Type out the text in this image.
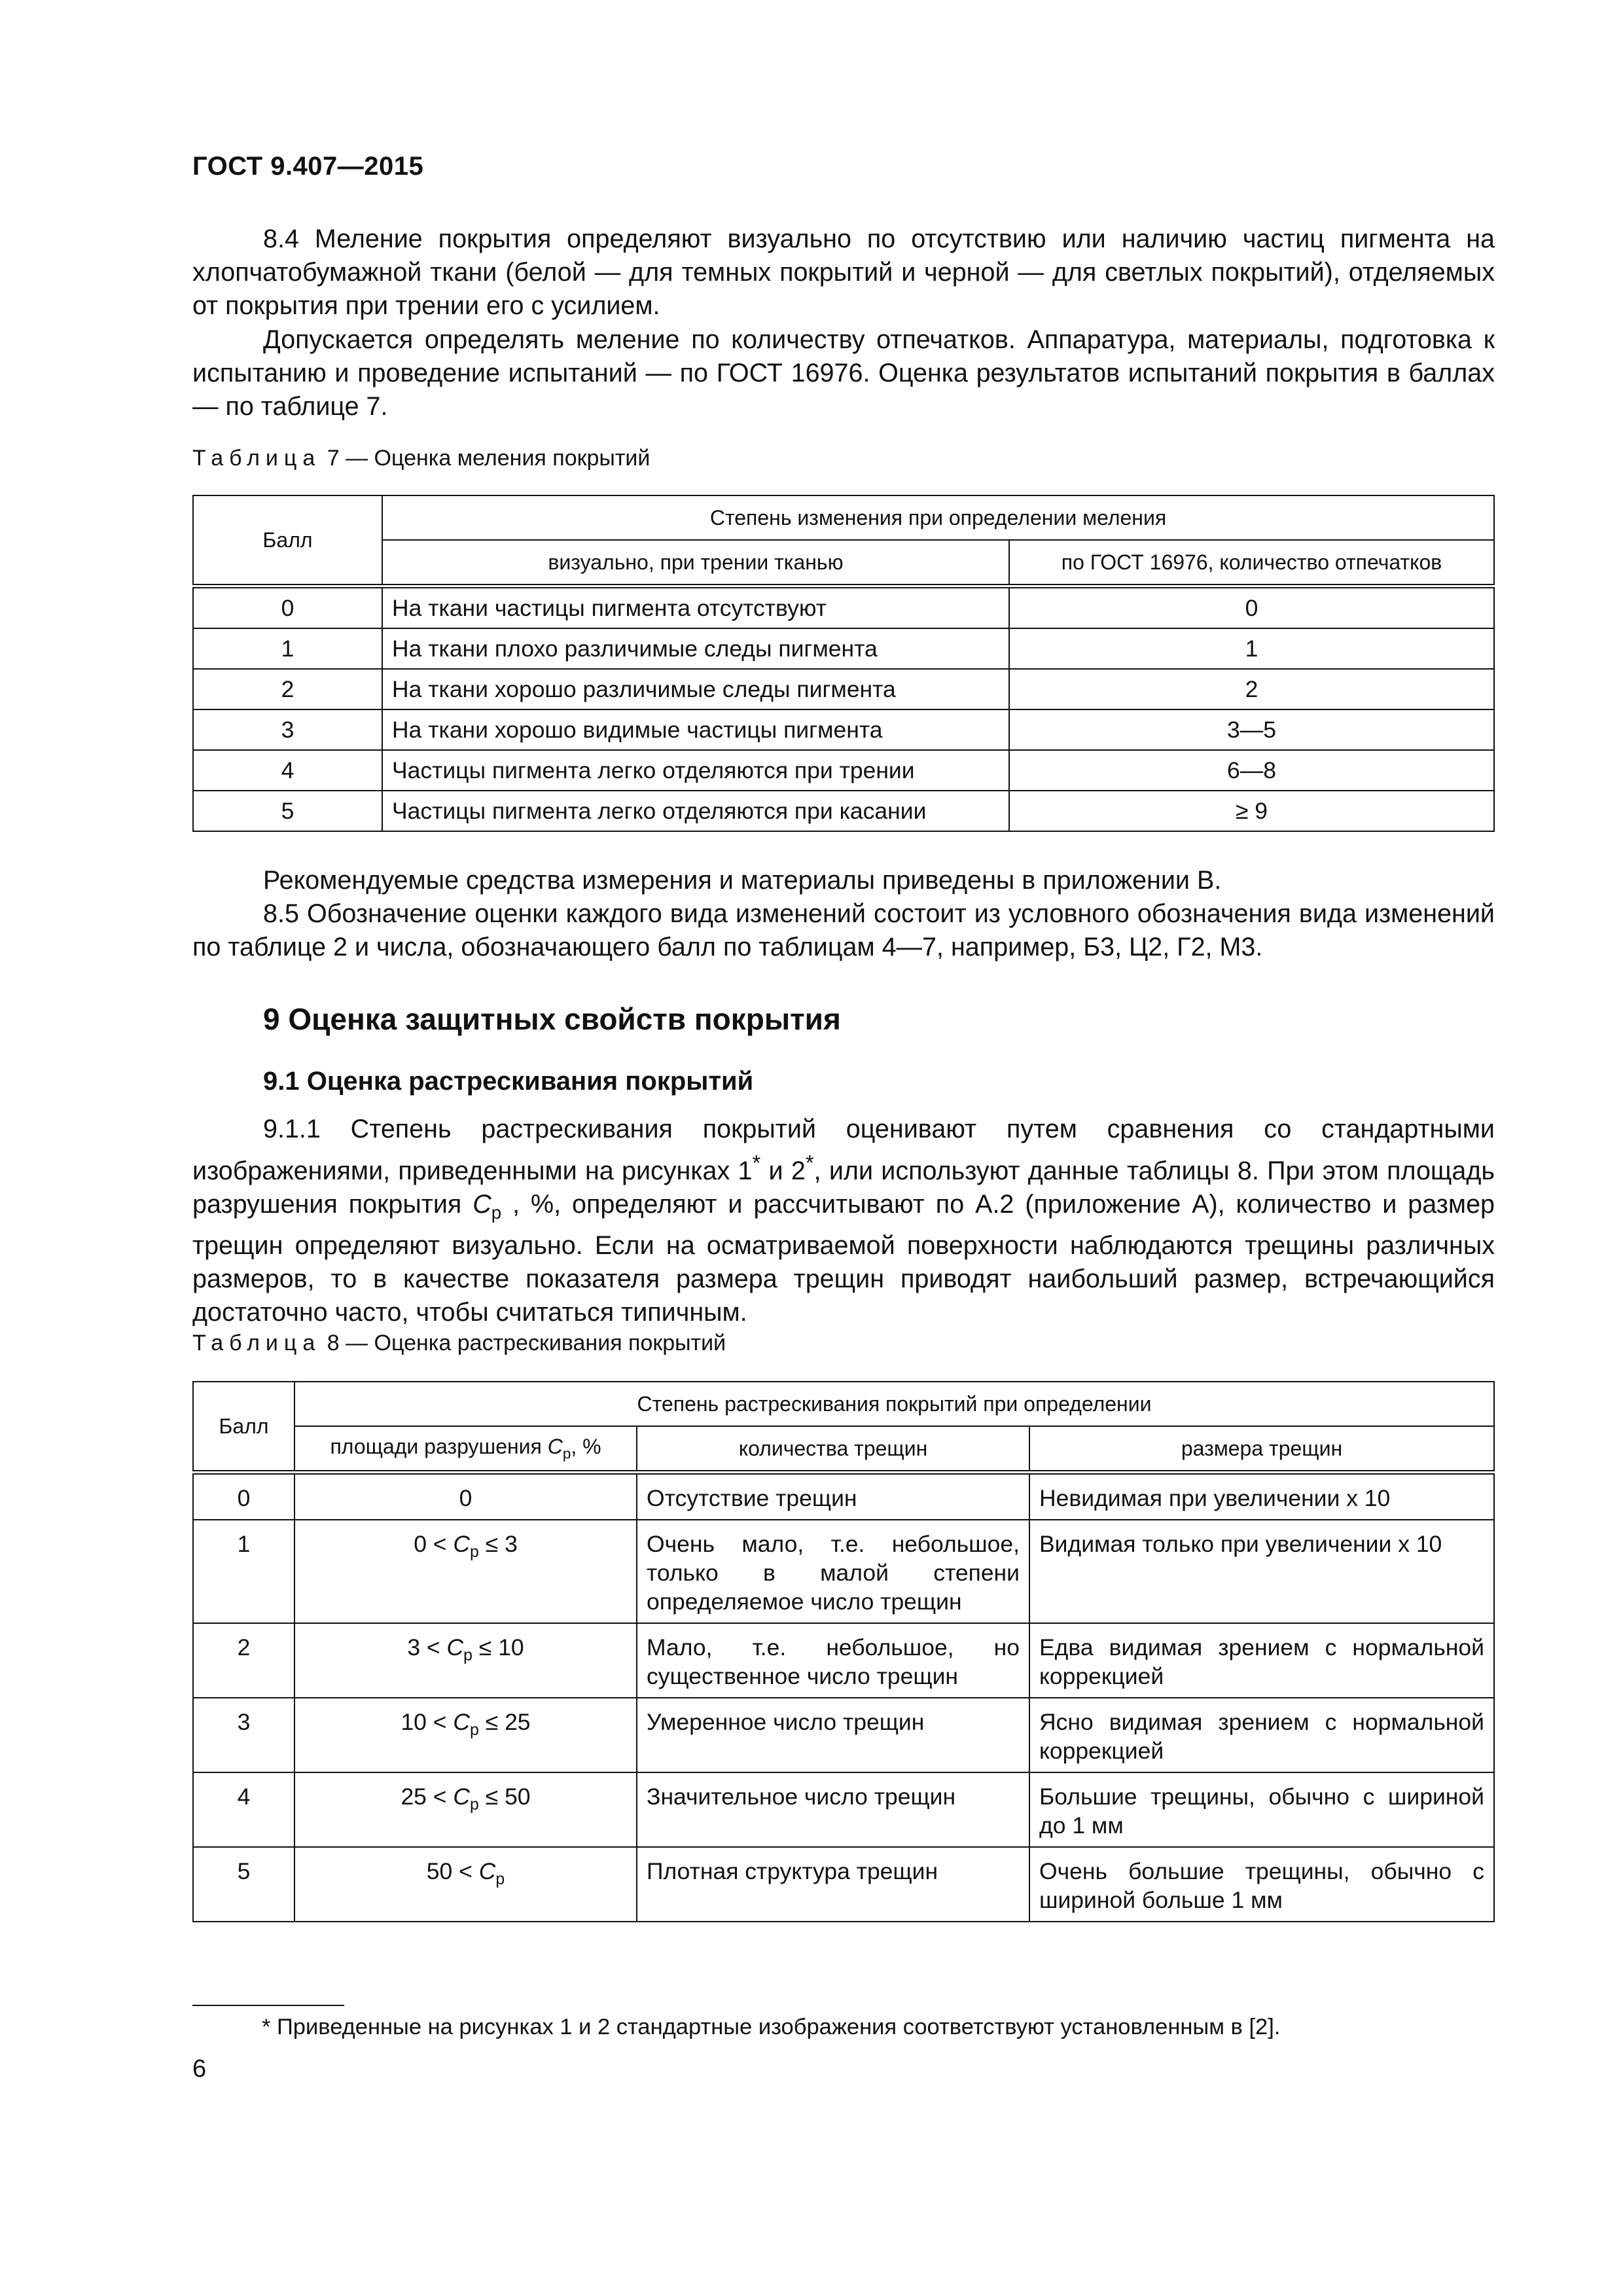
ГОСТ 9.407—2015

8.4 Меление покрытия определяют визуально по отсутствию или наличию частиц пигмента на хлопчатобумажной ткани (белой — для темных покрытий и черной — для светлых покрытий), отделяемых от покрытия при трении его с усилием.

Допускается определять меление по количеству отпечатков. Аппаратура, материалы, подготовка к испытанию и проведение испытаний — по ГОСТ 16976. Оценка результатов испытаний покрытия в баллах — по таблице 7.

Таблица 7 — Оценка меления покрытий
Балл	Степень изменения при определении меления	
	визуально, при трении тканью	по ГОСТ 16976, количество отпечатков
0	На ткани частицы пигмента отсутствуют	0
1	На ткани плохо различимые следы пигмента	1
2	На ткани хорошо различимые следы пигмента	2
3	На ткани хорошо видимые частицы пигмента	3—5
4	Частицы пигмента легко отделяются при трении	6—8
5	Частицы пигмента легко отделяются при касании	≥ 9

Рекомендуемые средства измерения и материалы приведены в приложении В.

8.5 Обозначение оценки каждого вида изменений состоит из условного обозначения вида изменений по таблице 2 и числа, обозначающего балл по таблицам 4—7, например, Б3, Ц2, Г2, М3.

9 Оценка защитных свойств покрытия
9.1 Оценка растрескивания покрытий

9.1.1 Степень растрескивания покрытий оценивают путем сравнения со стандартными изображениями, приведенными на рисунках 1* и 2*, или используют данные таблицы 8. При этом площадь разрушения покрытия $C_р$ , %, определяют и рассчитывают по А.2 (приложение А), количество и размер трещин определяют визуально. Если на осматриваемой поверхности наблюдаются трещины различных размеров, то в качестве показателя размера трещин приводят наибольший размер, встречающийся достаточно часто, чтобы считаться типичным.

Таблица 8 — Оценка растрескивания покрытий
Балл	Степень растрескивания покрытий при определении		
	площади разрушения $C_р$, %	количества трещин	размера трещин
0	0	Отсутствие трещин	Невидимая при увеличении x 10
1	$0 < C_р \le 3$	Очень мало, т.е. небольшое, только в малой степени определяемое число трещин	Видимая только при увеличении x 10
2	$3 < C_р \le 10$	Мало, т.е. небольшое, но существенное число трещин	Едва видимая зрением с нормальной коррекцией
3	$10 < C_р \le 25$	Умеренное число трещин	Ясно видимая зрением с нормальной коррекцией
4	$25 < C_р \le 50$	Значительное число трещин	Большие трещины, обычно с шириной до 1 мм
5	$50 < C_р$	Плотная структура трещин	Очень большие трещины, обычно с шириной больше 1 мм
* Приведенные на рисунках 1 и 2 стандартные изображения соответствуют установленным в [2].
6
